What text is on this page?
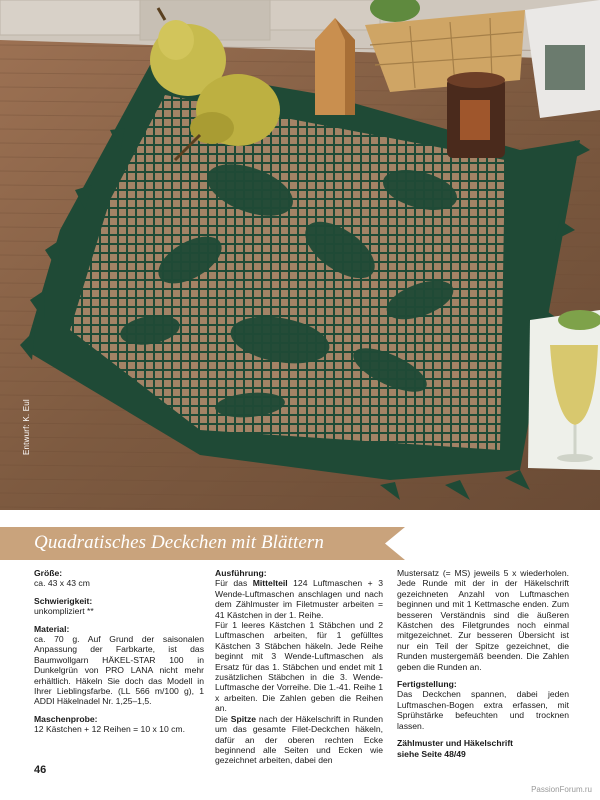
Entwurf: K. Eul
Quadratisches Deckchen mit Blättern

Größe:

ca. 43 x 43 cm

Schwierigkeit:

unkompliziert **

Material:

ca. 70 g. Auf Grund der saisonalen Anpassung der Farbkarte, ist das Baumwollgarn HÄKEL-STAR 100 in Dunkelgrün von PRO LANA nicht mehr erhältlich. Häkeln Sie doch das Modell in Ihrer Lieblingsfarbe. (LL 566 m/100 g), 1 ADDI Häkelnadel Nr. 1,25–1,5.

Maschenprobe:

12 Kästchen + 12 Reihen = 10 x 10 cm.

Ausführung:

Für das Mittelteil 124 Luftmaschen + 3 Wende-Luftmaschen anschlagen und nach dem Zählmuster im Filetmuster arbeiten = 41 Kästchen in der 1. Reihe.

Für 1 leeres Kästchen 1 Stäbchen und 2 Luftmaschen arbeiten, für 1 gefülltes Kästchen 3 Stäbchen häkeln. Jede Reihe beginnt mit 3 Wende-Luftmaschen als Ersatz für das 1. Stäbchen und endet mit 1 zusätzlichen Stäbchen in die 3. Wende-Luftmasche der Vorreihe. Die 1.-41. Reihe 1 x arbeiten. Die Zahlen geben die Reihen an.

Die Spitze nach der Häkelschrift in Runden um das gesamte Filet-Deckchen häkeln, dafür an der oberen rechten Ecke beginnend alle Seiten und Ecken wie gezeichnet arbeiten, dabei den

Mustersatz (= MS) jeweils 5 x wiederholen. Jede Runde mit der in der Häkelschrift gezeichneten Anzahl von Luftmaschen beginnen und mit 1 Kettmasche enden. Zum besseren Verständnis sind die äußeren Kästchen des Filetgrundes noch einmal mitgezeichnet. Zur besseren Übersicht ist nur ein Teil der Spitze gezeichnet, die Runden mustergemäß beenden. Die Zahlen geben die Runden an.

Fertigstellung:

Das Deckchen spannen, dabei jeden Luftmaschen-Bogen extra erfassen, mit Sprühstärke befeuchten und trocknen lassen.

Zählmuster und Häkelschrift

siehe Seite 48/49

46
PassionForum.ru
